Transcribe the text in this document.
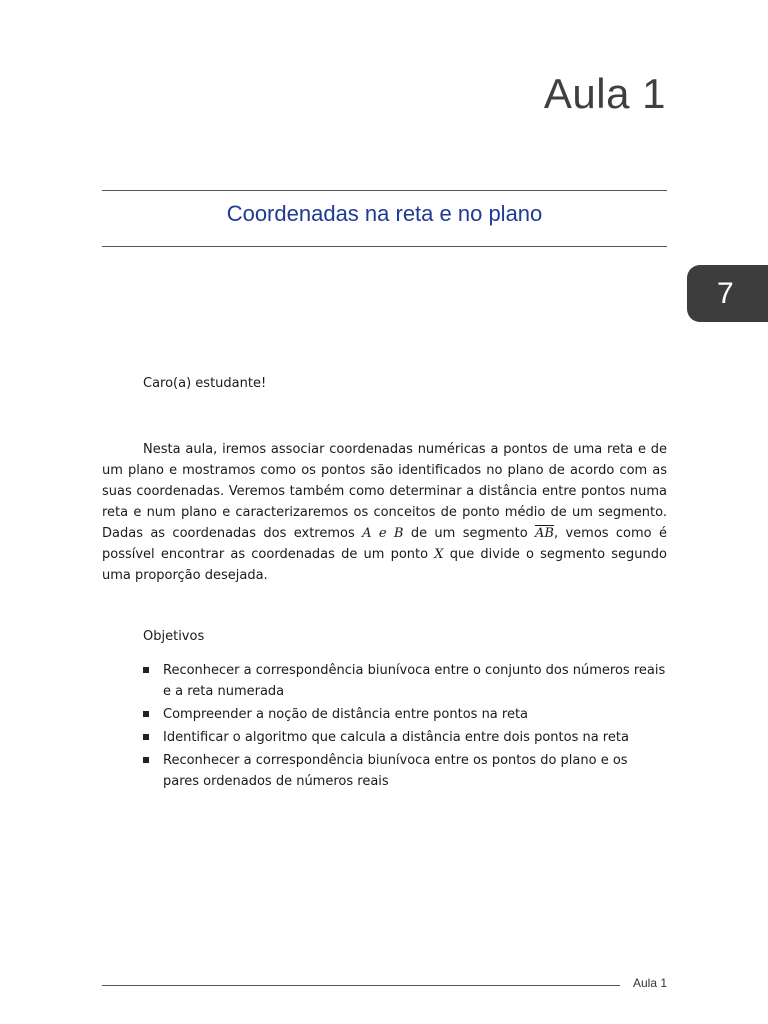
Aula 1
Coordenadas na reta e no plano
7
Caro(a) estudante!

Nesta aula, iremos associar coordenadas numéricas a pontos de uma reta e de um plano e mostramos como os pontos são identificados no plano de acordo com as suas coordenadas. Veremos também como determinar a distância entre pontos numa reta e num plano e caracterizaremos os conceitos de ponto médio de um segmento. Dadas as coordenadas dos extremos A e B de um segmento $\overline{AB}$, vemos como é possível encontrar as coordenadas de um ponto X que divide o segmento segundo uma proporção desejada.

Objetivos
Reconhecer a correspondência biunívoca entre o conjunto dos números reais e a reta numerada
Compreender a noção de distância entre pontos na reta
Identificar o algoritmo que calcula a distância entre dois pontos na reta
Reconhecer a correspondência biunívoca entre os pontos do plano e os pares ordenados de números reais
Aula 1
